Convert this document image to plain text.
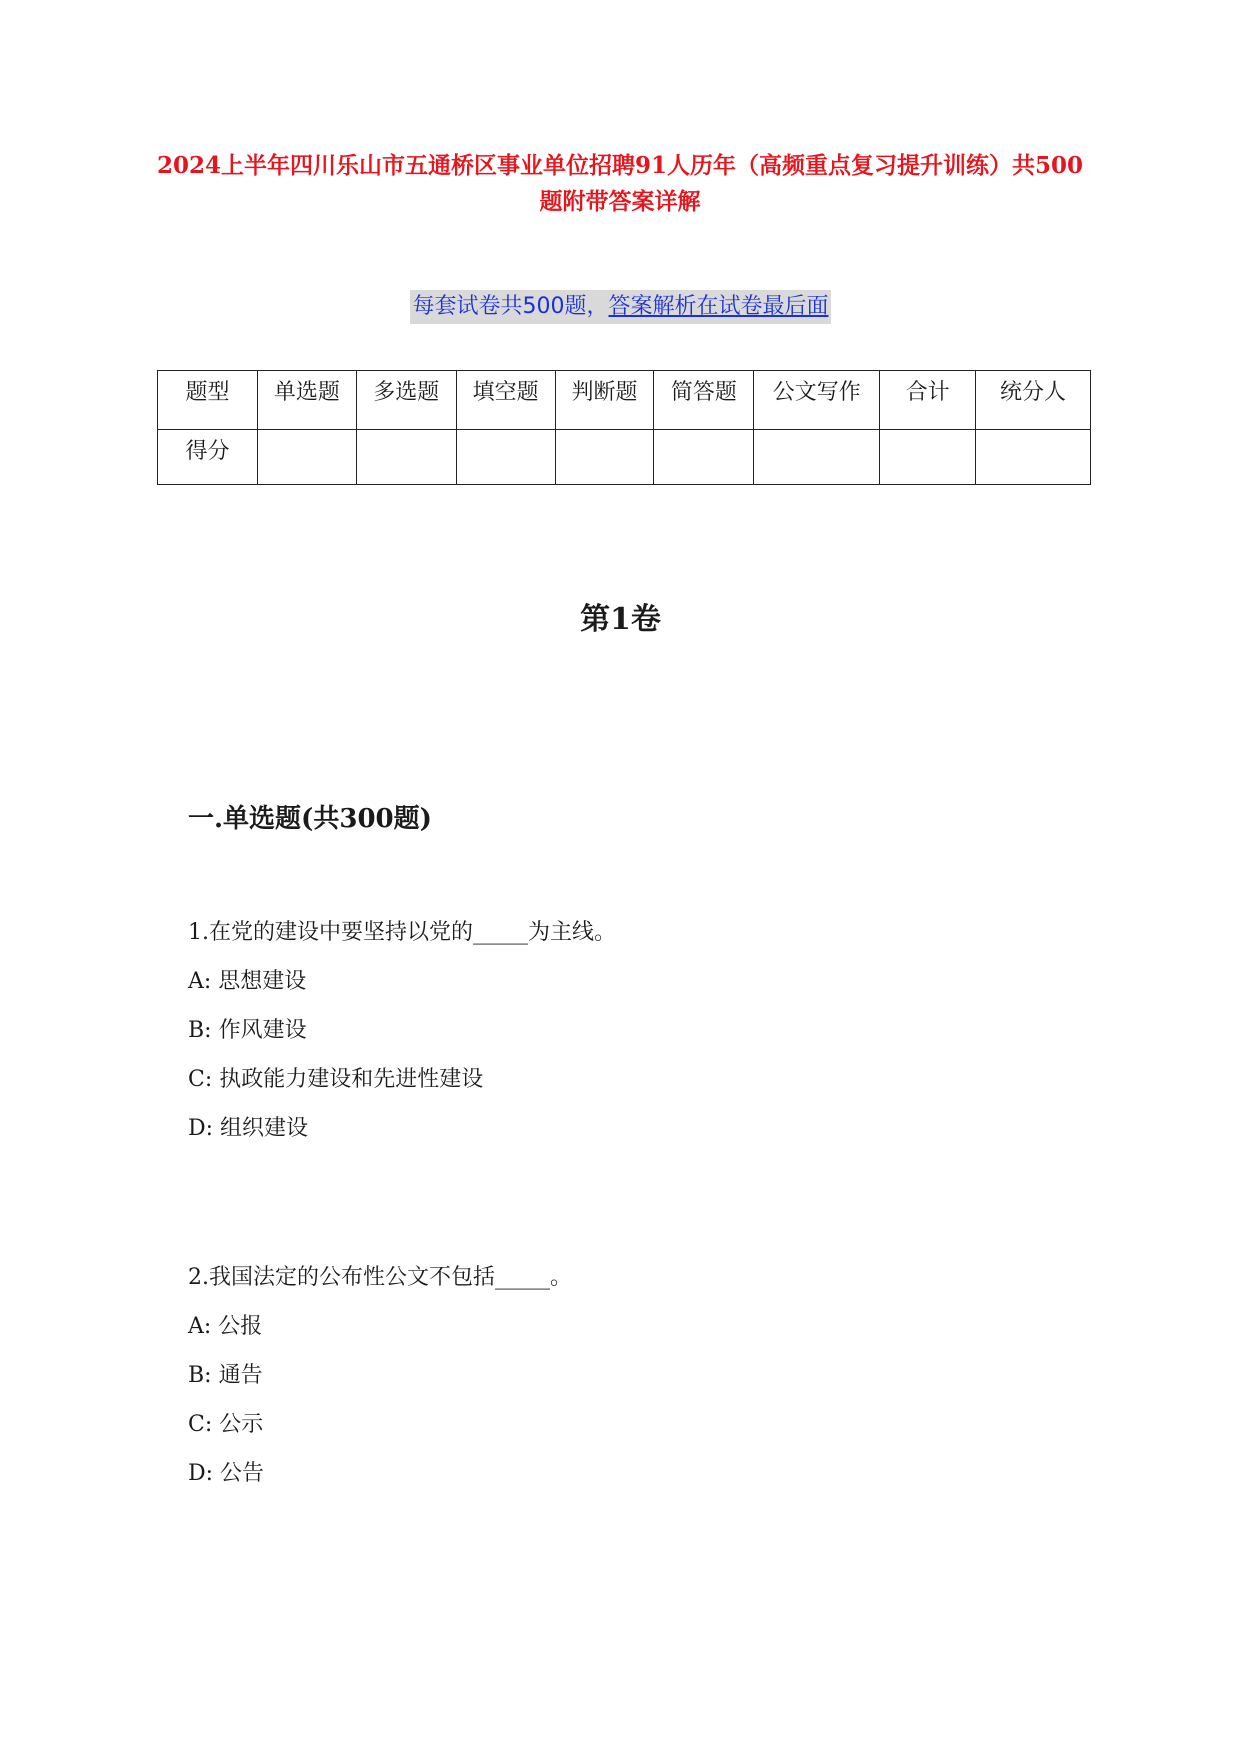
2024上半年四川乐山市五通桥区事业单位招聘91人历年（高频重点复习提升训练）共500题附带答案详解
每套试卷共500题，答案解析在试卷最后面
题型	单选题	多选题	填空题	判断题	简答题	公文写作	合计	统分人
得分								
第1卷
一.单选题(共300题)

1.在党的建设中要坚持以党的_____为主线。

A: 思想建设

B: 作风建设

C: 执政能力建设和先进性建设

D: 组织建设

2.我国法定的公布性公文不包括_____。

A: 公报

B: 通告

C: 公示

D: 公告
